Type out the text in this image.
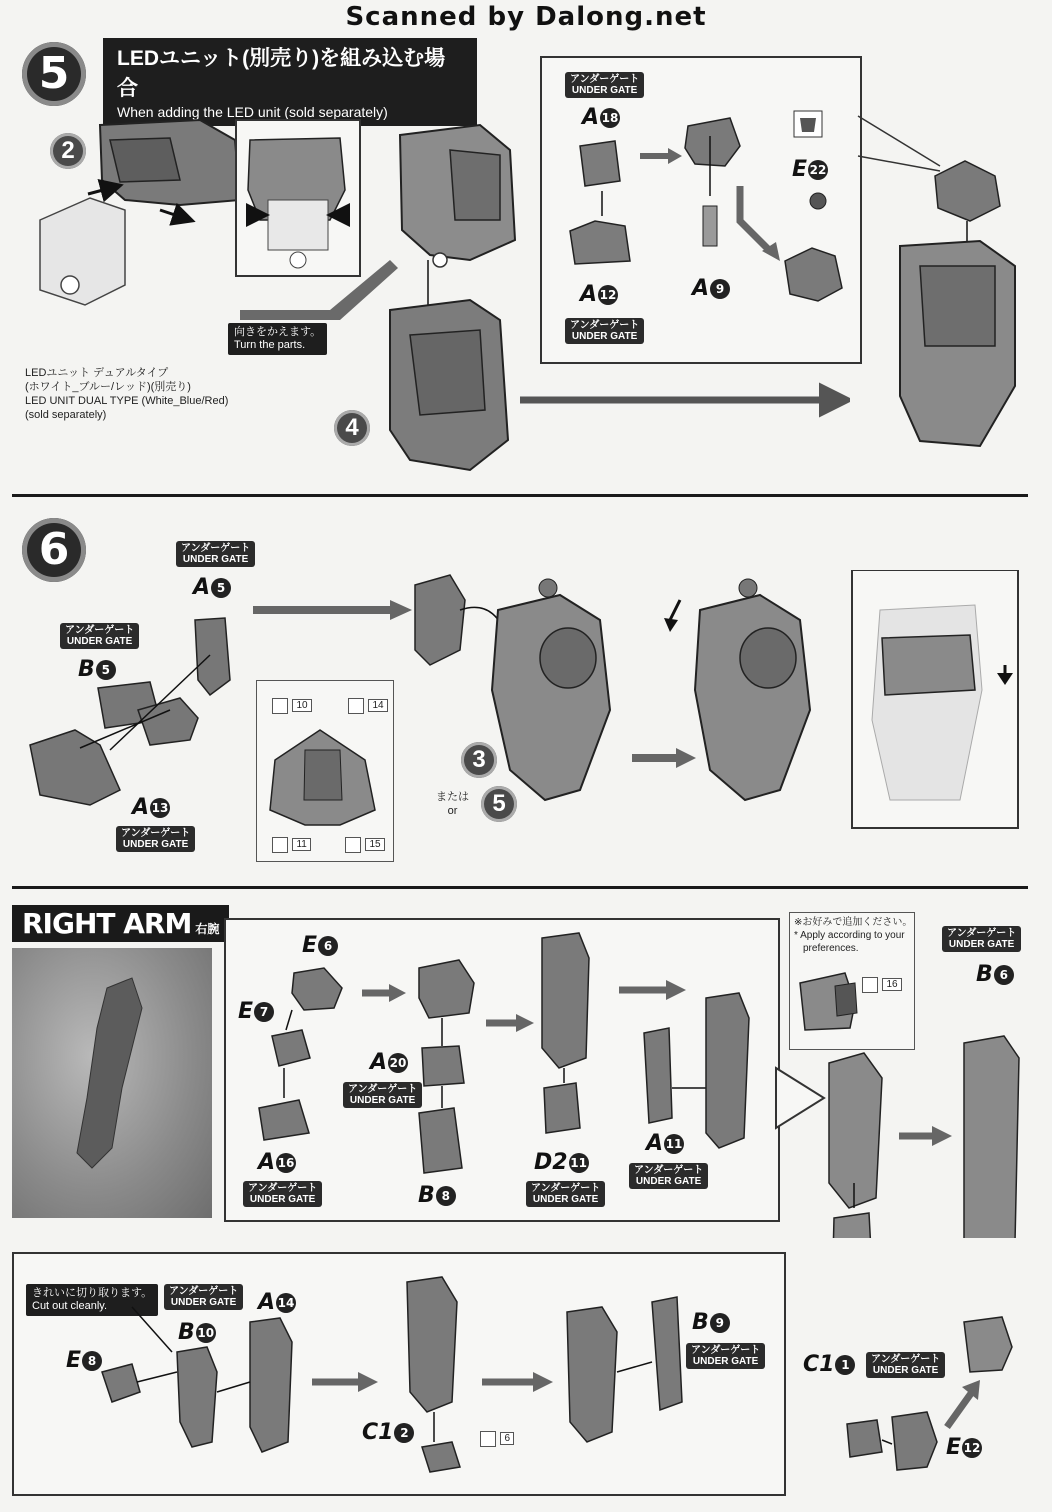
Scanned by Dalong.net
5	LEDユニット(別売り)を組み込む場合
When adding the LED unit (sold separately)
2
向きをかえます。
Turn the parts.
LEDユニット デュアルタイプ
(ホワイト_ブルー/レッド)(別売り)
LED UNIT DUAL TYPE (White_Blue/Red)
(sold separately)	4
アンダーゲート
UNDER GATE
A 18
E 22
A 9
A 12
アンダーゲート
UNDER GATE
6	アンダーゲート
UNDER GATE
A 5
アンダーゲート
UNDER GATE
B 5
A 13
アンダーゲート
UNDER GATE
10	14
11	15
3
または
or	5
RIGHT ARM 右腕
E 6
E 7
A 16
アンダーゲート
UNDER GATE
A 20
アンダーゲート
UNDER GATE
B 8
D2 11
アンダーゲート
UNDER GATE
A 11
アンダーゲート
UNDER GATE
※お好みで追加ください。
* Apply according to your
preferences.
16
アンダーゲート
UNDER GATE
B 6
きれいに切り取ります。
Cut out cleanly.
アンダーゲート
UNDER GATE
B 10
A 14
E 8
C1 2	6
B 9
アンダーゲート
UNDER GATE C1 1	アンダーゲート
UNDER GATE
E 12
